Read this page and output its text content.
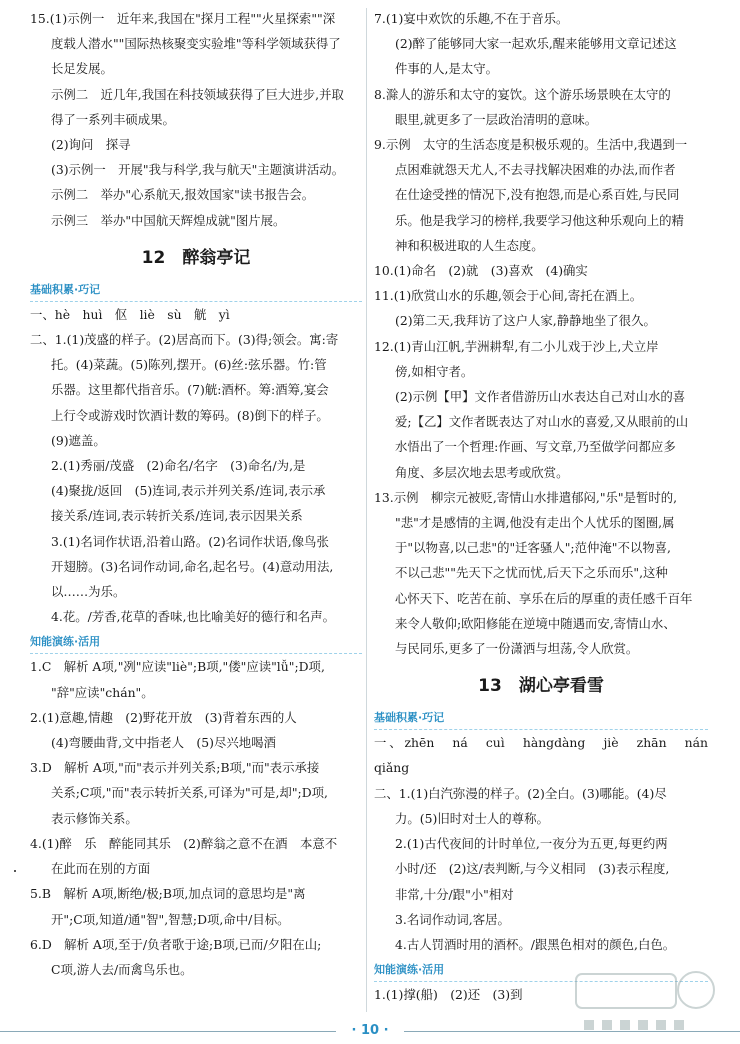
15.(1)示例一　近年来,我国在"探月工程""火星探索""深
度载人潜水""国际热核聚变实验堆"等科学领域获得了
长足发展。
示例二　近几年,我国在科技领域获得了巨大进步,并取
得了一系列丰硕成果。
(2)询问　探寻
(3)示例一　开展"我与科学,我与航天"主题演讲活动。
示例二　举办"心系航天,报效国家"读书报告会。
示例三　举办"中国航天辉煌成就"图片展。
12　醉翁亭记
基础积累·巧记
一、hè　huì　伛　liè　sù　觥　yì
二、1.(1)茂盛的样子。(2)居高而下。(3)得;领会。寓:寄
托。(4)菜蔬。(5)陈列,摆开。(6)丝:弦乐器。竹:管
乐器。这里都代指音乐。(7)觥:酒杯。筹:酒筹,宴会
上行令或游戏时饮酒计数的筹码。(8)倒下的样子。
(9)遮盖。
2.(1)秀丽/茂盛　(2)命名/名字　(3)命名/为,是
(4)聚拢/返回　(5)连词,表示并列关系/连词,表示承
接关系/连词,表示转折关系/连词,表示因果关系
3.(1)名词作状语,沿着山路。(2)名词作状语,像鸟张
开翅膀。(3)名词作动词,命名,起名号。(4)意动用法,
以……为乐。
4.花。/芳香,花草的香味,也比喻美好的德行和名声。
知能演练·活用
1.C　解析 A项,"冽"应读"liè";B项,"偻"应读"lǚ";D项,
"辞"应读"chán"。
2.(1)意趣,情趣　(2)野花开放　(3)背着东西的人
(4)弯腰曲背,文中指老人　(5)尽兴地喝酒
3.D　解析 A项,"而"表示并列关系;B项,"而"表示承接
关系;C项,"而"表示转折关系,可译为"可是,却";D项,
表示修饰关系。
4.(1)醉　乐　醉能同其乐　(2)醉翁之意不在酒　本意不
在此而在别的方面
5.B　解析 A项,断绝/极;B项,加点词的意思均是"离
开";C项,知道/通"智",智慧;D项,命中/目标。
6.D　解析 A项,至于/负者歌于途;B项,已而/夕阳在山;
C项,游人去/而禽鸟乐也。
7.(1)宴中欢饮的乐趣,不在于音乐。
(2)醉了能够同大家一起欢乐,醒来能够用文章记述这
件事的人,是太守。
8.滁人的游乐和太守的宴饮。这个游乐场景映在太守的
眼里,就更多了一层政治清明的意味。
9.示例　太守的生活态度是积极乐观的。生活中,我遇到一
点困难就怨天尤人,不去寻找解决困难的办法,而作者
在仕途受挫的情况下,没有抱怨,而是心系百姓,与民同
乐。他是我学习的榜样,我要学习他这种乐观向上的精
神和积极进取的人生态度。
10.(1)命名　(2)就　(3)喜欢　(4)确实
11.(1)欣赏山水的乐趣,领会于心间,寄托在酒上。
(2)第二天,我拜访了这户人家,静静地坐了很久。
12.(1)青山江帆,芋洲耕犁,有二小儿戏于沙上,犬立岸
傍,如相守者。
(2)示例【甲】文作者借游历山水表达自己对山水的喜
爱;【乙】文作者既表达了对山水的喜爱,又从眼前的山
水悟出了一个哲理:作画、写文章,乃至做学问都应多
角度、多层次地去思考或欣赏。
13.示例　柳宗元被贬,寄情山水排遣郁闷,"乐"是暂时的,
"悲"才是感情的主调,他没有走出个人忧乐的图圈,属
于"以物喜,以己悲"的"迁客骚人";范仲淹"不以物喜,
不以己悲""先天下之忧而忧,后天下之乐而乐",这种
心怀天下、吃苦在前、享乐在后的厚重的责任感千百年
来令人敬仰;欧阳修能在逆境中随遇而安,寄情山水、
与民同乐,更多了一份潇洒与坦荡,令人欣赏。
13　湖心亭看雪
基础积累·巧记
一、zhēn　ná　cuì　hàngdàng　jiè　zhān　nán　qiǎng
二、1.(1)白汽弥漫的样子。(2)全白。(3)哪能。(4)尽
力。(5)旧时对士人的尊称。
2.(1)古代夜间的计时单位,一夜分为五更,每更约两
小时/还　(2)这/表判断,与今义相同　(3)表示程度,
非常,十分/跟"小"相对
3.名词作动词,客居。
4.古人罚酒时用的酒杯。/跟黑色相对的颜色,白色。
知能演练·活用
1.(1)撑(船)　(2)还　(3)到
· 10 ·
